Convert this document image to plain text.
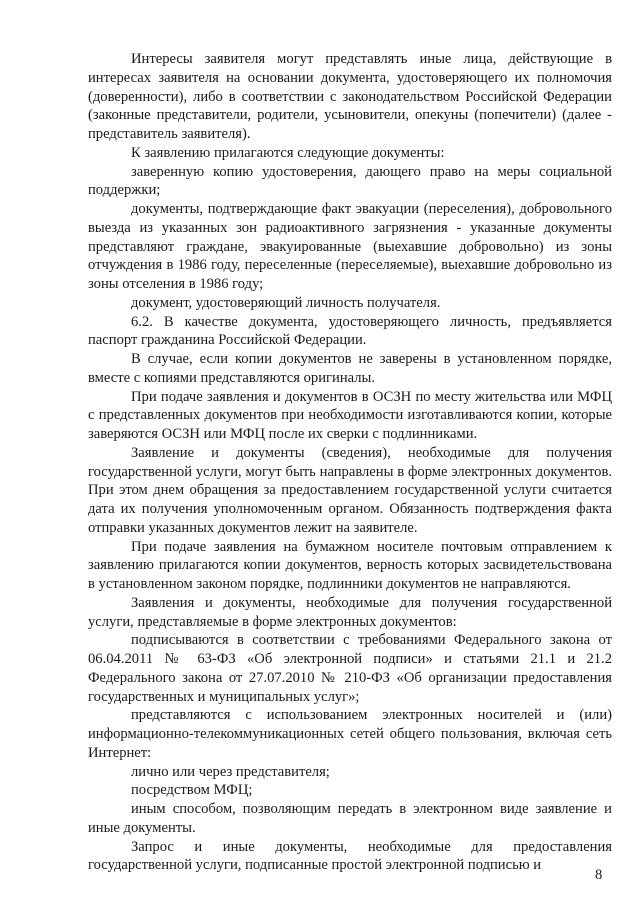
Интересы заявителя могут представлять иные лица, действующие в интересах заявителя на основании документа, удостоверяющего их полномочия (доверенности), либо в соответствии с законодательством Российской Федерации (законные представители, родители, усыновители, опекуны (попечители) (далее - представитель заявителя).

К заявлению прилагаются следующие документы:

заверенную копию удостоверения, дающего право на меры социальной поддержки;

документы, подтверждающие факт эвакуации (переселения), добровольного выезда из указанных зон радиоактивного загрязнения - указанные документы представляют граждане, эвакуированные (выехавшие добровольно) из зоны отчуждения в 1986 году, переселенные (переселяемые), выехавшие добровольно из зоны отселения в 1986 году;

документ, удостоверяющий личность получателя.

6.2. В качестве документа, удостоверяющего личность, предъявляется паспорт гражданина Российской Федерации.

В случае, если копии документов не заверены в установленном порядке, вместе с копиями представляются оригиналы.

При подаче заявления и документов в ОСЗН по месту жительства или МФЦ с представленных документов при необходимости изготавливаются копии, которые заверяются ОСЗН или МФЦ после их сверки с подлинниками.

Заявление и документы (сведения), необходимые для получения государственной услуги, могут быть направлены в форме электронных документов. При этом днем обращения за предоставлением государственной услуги считается дата их получения уполномоченным органом. Обязанность подтверждения факта отправки указанных документов лежит на заявителе.

При подаче заявления на бумажном носителе почтовым отправлением к заявлению прилагаются копии документов, верность которых засвидетельствована в установленном законом порядке, подлинники документов не направляются.

Заявления и документы, необходимые для получения государственной услуги, представляемые в форме электронных документов:

подписываются в соответствии с требованиями Федерального закона от 06.04.2011 № 63-ФЗ «Об электронной подписи» и статьями 21.1 и 21.2 Федерального закона от 27.07.2010 № 210-ФЗ «Об организации предоставления государственных и муниципальных услуг»;

представляются с использованием электронных носителей и (или) информационно-телекоммуникационных сетей общего пользования, включая сеть Интернет:

лично или через представителя;

посредством МФЦ;

иным способом, позволяющим передать в электронном виде заявление и иные документы.

Запрос и иные документы, необходимые для предоставления государственной услуги, подписанные простой электронной подписью и

8
